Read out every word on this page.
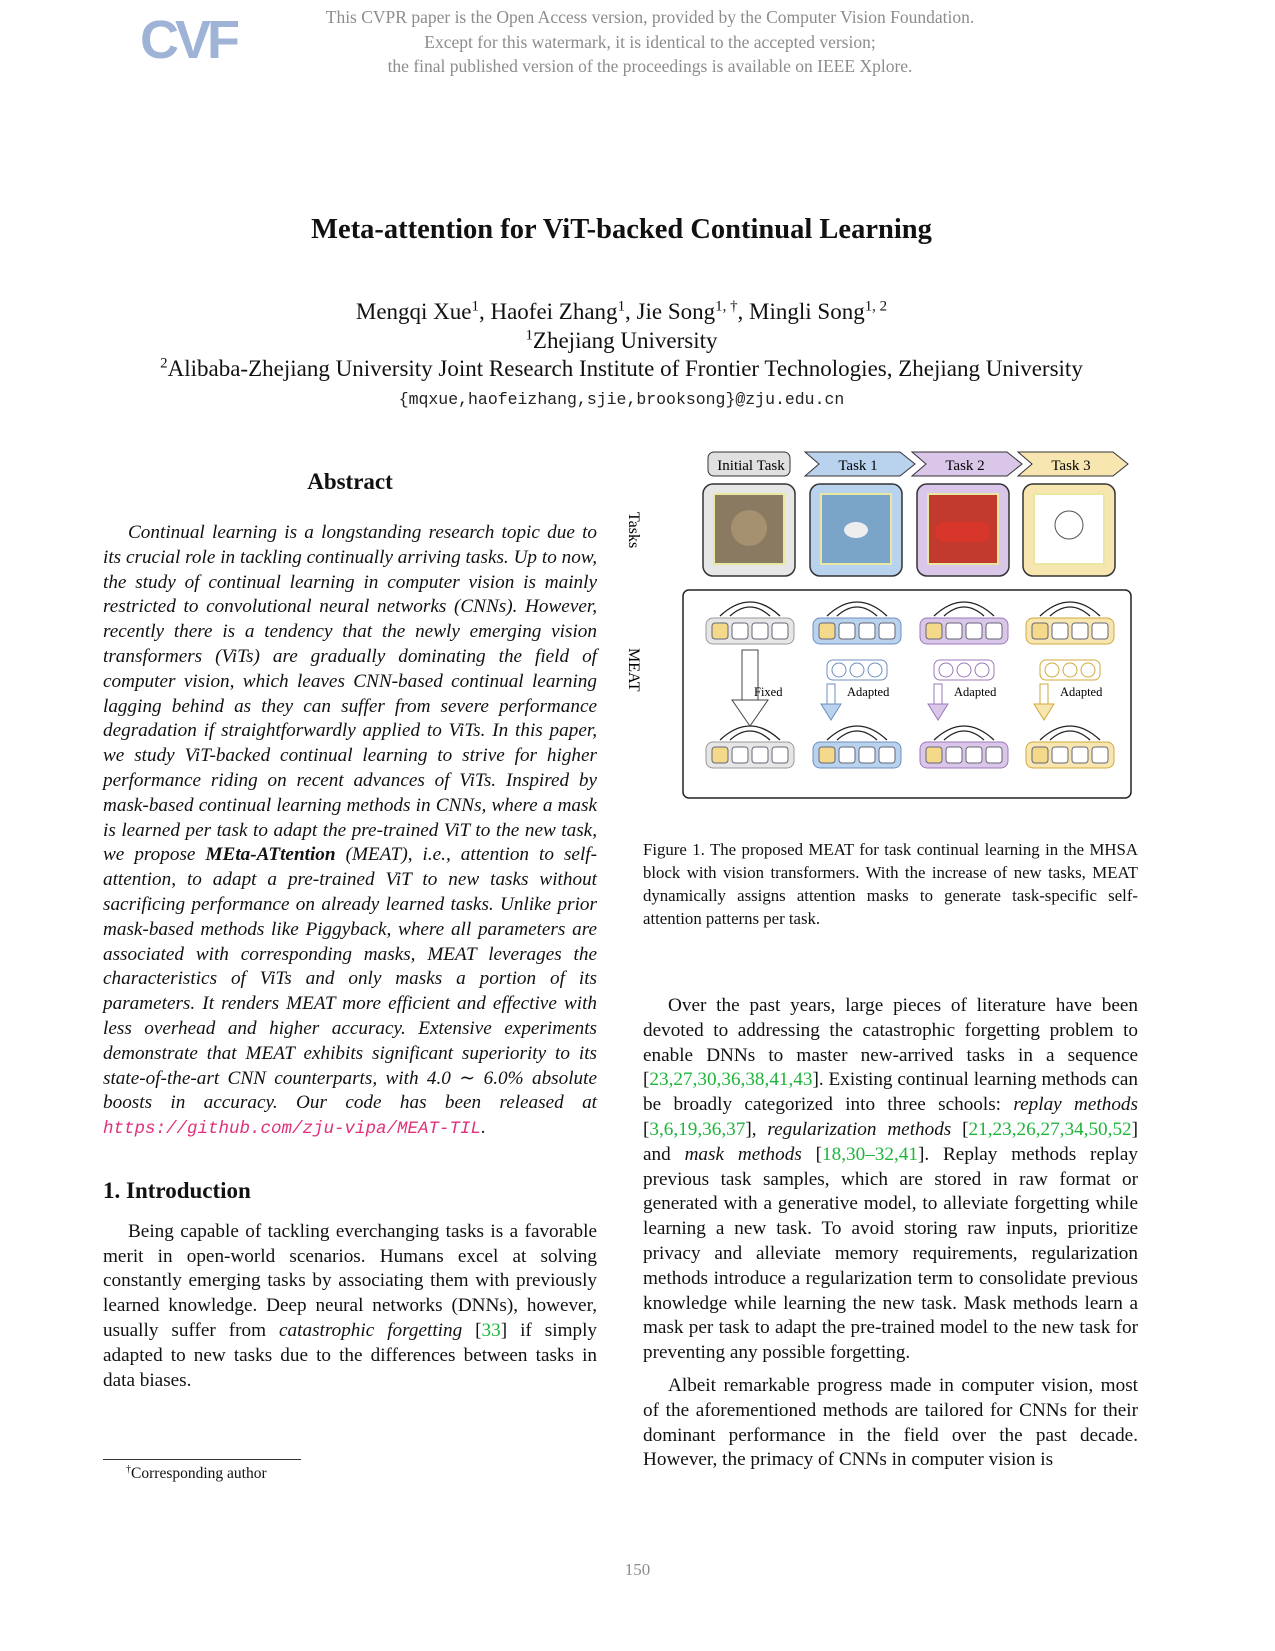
CVF	This CVPR paper is the Open Access version, provided by the Computer Vision Foundation.
Except for this watermark, it is identical to the accepted version;
the final published version of the proceedings is available on IEEE Xplore.
Meta-attention for ViT-backed Continual Learning
Mengqi Xue$^1$, Haofei Zhang$^1$, Jie Song$^{1, \dagger}$, Mingli Song$^{1, 2}$
$^1$Zhejiang University
$^2$Alibaba-Zhejiang University Joint Research Institute of Frontier Technologies, Zhejiang University
{mqxue,haofeizhang,sjie,brooksong}@zju.edu.cn
Abstract

Continual learning is a longstanding research topic due to its crucial role in tackling continually arriving tasks. Up to now, the study of continual learning in computer vision is mainly restricted to convolutional neural networks (CNNs). However, recently there is a tendency that the newly emerging vision transformers (ViTs) are gradually dominating the field of computer vision, which leaves CNN-based continual learning lagging behind as they can suffer from severe performance degradation if straightforwardly applied to ViTs. In this paper, we study ViT-backed continual learning to strive for higher performance riding on recent advances of ViTs. Inspired by mask-based continual learning methods in CNNs, where a mask is learned per task to adapt the pre-trained ViT to the new task, we propose MEta-ATtention (MEAT), i.e., attention to self-attention, to adapt a pre-trained ViT to new tasks without sacrificing performance on already learned tasks. Unlike prior mask-based methods like Piggyback, where all parameters are associated with corresponding masks, MEAT leverages the characteristics of ViTs and only masks a portion of its parameters. It renders MEAT more efficient and effective with less overhead and higher accuracy. Extensive experiments demonstrate that MEAT exhibits significant superiority to its state-of-the-art CNN counterparts, with 4.0 ∼ 6.0% absolute boosts in accuracy. Our code has been released at https://github.com/zju-vipa/MEAT-TIL.

1. Introduction

Being capable of tackling everchanging tasks is a favorable merit in open-world scenarios. Humans excel at solving constantly emerging tasks by associating them with previously learned knowledge. Deep neural networks (DNNs), however, usually suffer from catastrophic forgetting [33] if simply adapted to new tasks due to the differences between tasks in data biases.

†Corresponding author
Tasks
MEAT
Initial Task	Task 1	Task 2	Task 3
Fixed	Adapted	Adapted	Adapted
Figure 1. The proposed MEAT for task continual learning in the MHSA block with vision transformers. With the increase of new tasks, MEAT dynamically assigns attention masks to generate task-specific self-attention patterns per task.

Over the past years, large pieces of literature have been devoted to addressing the catastrophic forgetting problem to enable DNNs to master new-arrived tasks in a sequence [23,27,30,36,38,41,43]. Existing continual learning methods can be broadly categorized into three schools: replay methods [3,6,19,36,37], regularization methods [21,23,26,27,34,50,52] and mask methods [18,30–32,41]. Replay methods replay previous task samples, which are stored in raw format or generated with a generative model, to alleviate forgetting while learning a new task. To avoid storing raw inputs, prioritize privacy and alleviate memory requirements, regularization methods introduce a regularization term to consolidate previous knowledge while learning the new task. Mask methods learn a mask per task to adapt the pre-trained model to the new task for preventing any possible forgetting.

Albeit remarkable progress made in computer vision, most of the aforementioned methods are tailored for CNNs for their dominant performance in the field over the past decade. However, the primacy of CNNs in computer vision is

150
